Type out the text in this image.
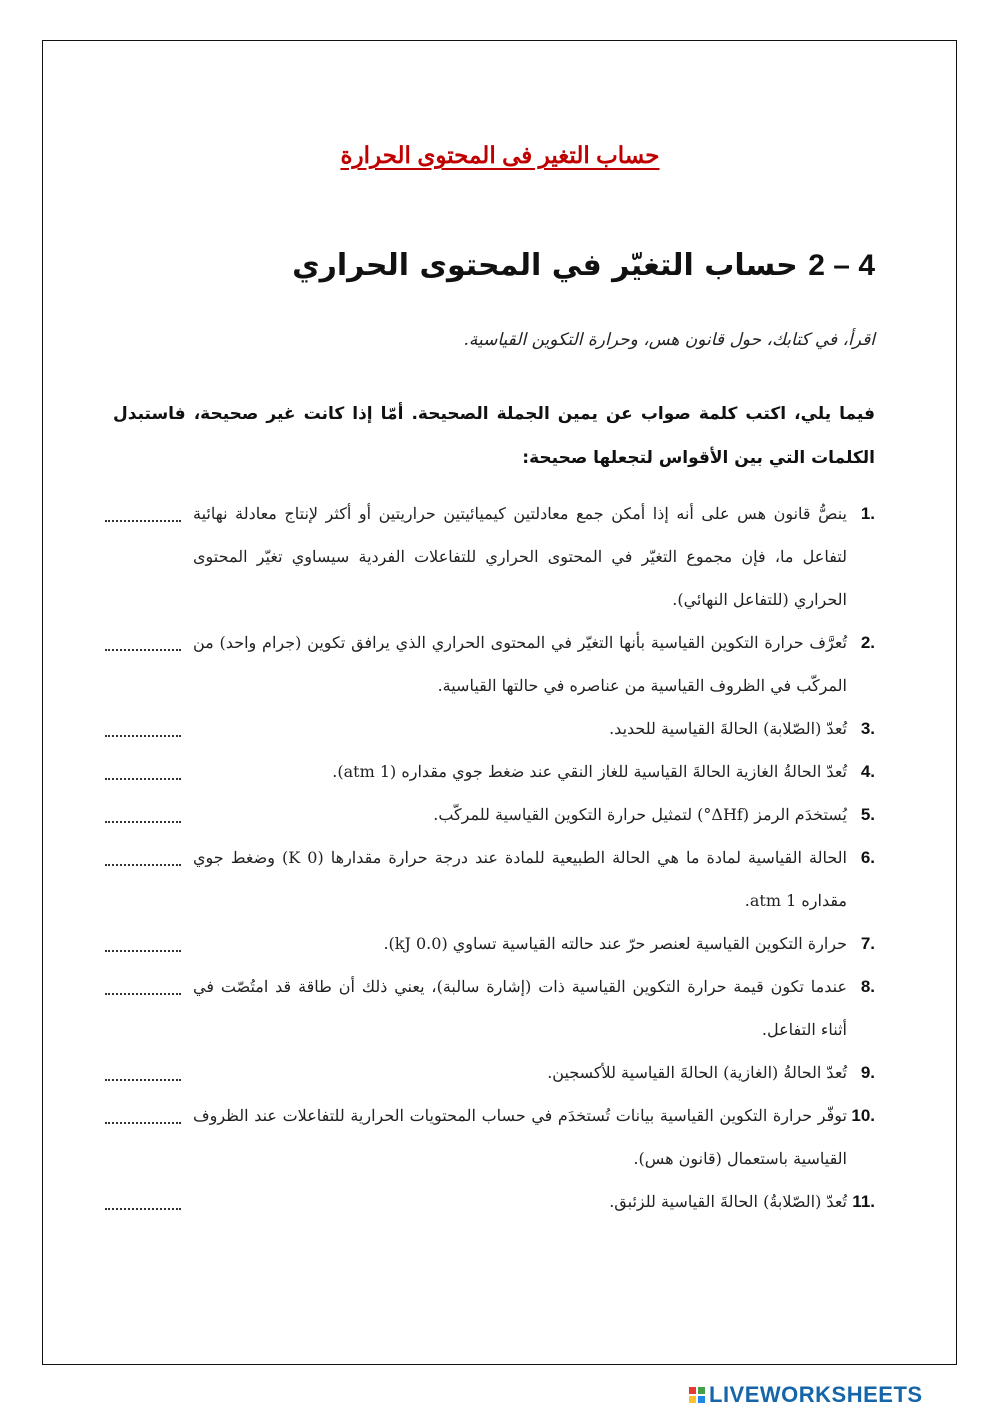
حساب التغير فى المحتوى الحرارة
4 – 2 حساب التغيّر في المحتوى الحراري
اقرأ، في كتابك، حول قانون هس، وحرارة التكوين القياسية.
فيما يلي، اكتب كلمة صواب عن يمين الجملة الصحيحة. أمّا إذا كانت غير صحيحة، فاستبدل الكلمات التي بين الأقواس لتجعلها صحيحة:
1.
ينصُّ قانون هس على أنه إذا أمكن جمع معادلتين كيميائيتين حراريتين أو أكثر لإنتاج معادلة نهائية لتفاعل ما، فإن مجموع التغيّر في المحتوى الحراري للتفاعلات الفردية سيساوي تغيّر المحتوى الحراري (للتفاعل النهائي).
2.
تُعرَّف حرارة التكوين القياسية بأنها التغيّر في المحتوى الحراري الذي يرافق تكوين (جرام واحد) من المركّب في الظروف القياسية من عناصره في حالتها القياسية.
3.
تُعدّ (الصّلابة) الحالةَ القياسية للحديد.
4.
تُعدّ الحالةُ الغازية الحالةَ القياسية للغاز النقي عند ضغط جوي مقداره (1 atm).
5.
يُستخدَم الرمز (ΔHf°) لتمثيل حرارة التكوين القياسية للمركّب.
6.
الحالة القياسية لمادة ما هي الحالة الطبيعية للمادة عند درجة حرارة مقدارها (0 K) وضغط جوي مقداره 1 atm.
7.
حرارة التكوين القياسية لعنصر حرّ عند حالته القياسية تساوي (0.0 kJ).
8.
عندما تكون قيمة حرارة التكوين القياسية ذات (إشارة سالبة)، يعني ذلك أن طاقة قد امتُصّت في أثناء التفاعل.
9.
تُعدّ الحالةُ (الغازية) الحالةَ القياسية للأكسجين.
10.
توفّر حرارة التكوين القياسية بيانات تُستخدَم في حساب المحتويات الحرارية للتفاعلات عند الظروف القياسية باستعمال (قانون هس).
11.
تُعدّ (الصّلابةُ) الحالةَ القياسية للزئبق.
LIVEWORKSHEETS
